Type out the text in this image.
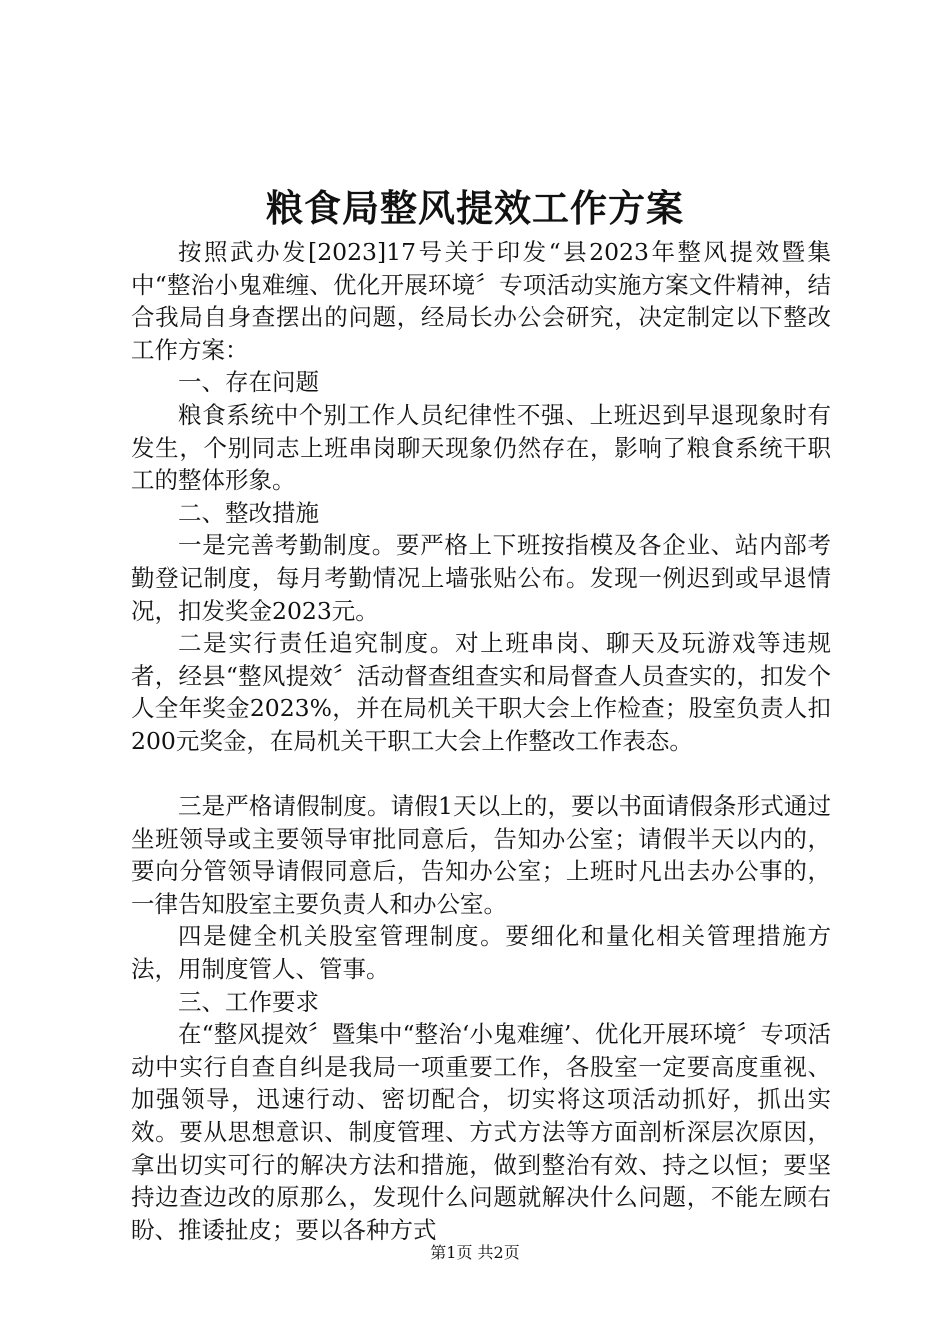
粮食局整风提效工作方案

按照武办发[2023]17号关于印发“县2023年整风提效暨集中“整治小鬼难缠、优化开展环境〞专项活动实施方案文件精神，结合我局自身查摆出的问题，经局长办公会研究，决定制定以下整改工作方案：

一、存在问题

粮食系统中个别工作人员纪律性不强、上班迟到早退现象时有发生，个别同志上班串岗聊天现象仍然存在，影响了粮食系统干职工的整体形象。

二、整改措施

一是完善考勤制度。要严格上下班按指模及各企业、站内部考勤登记制度，每月考勤情况上墙张贴公布。发现一例迟到或早退情况，扣发奖金2023元。

二是实行责任追究制度。对上班串岗、聊天及玩游戏等违规者，经县“整风提效〞活动督查组查实和局督查人员查实的，扣发个人全年奖金2023%，并在局机关干职大会上作检查；股室负责人扣200元奖金，在局机关干职工大会上作整改工作表态。

三是严格请假制度。请假1天以上的，要以书面请假条形式通过坐班领导或主要领导审批同意后，告知办公室；请假半天以内的，要向分管领导请假同意后，告知办公室；上班时凡出去办公事的，一律告知股室主要负责人和办公室。

四是健全机关股室管理制度。要细化和量化相关管理措施方法，用制度管人、管事。

三、工作要求

在“整风提效〞暨集中“整治‘小鬼难缠’、优化开展环境〞专项活动中实行自查自纠是我局一项重要工作，各股室一定要高度重视、加强领导，迅速行动、密切配合，切实将这项活动抓好，抓出实效。要从思想意识、制度管理、方式方法等方面剖析深层次原因，拿出切实可行的解决方法和措施，做到整治有效、持之以恒；要坚持边查边改的原那么，发现什么问题就解决什么问题，不能左顾右盼、推诿扯皮；要以各种方式

第1页 共2页
